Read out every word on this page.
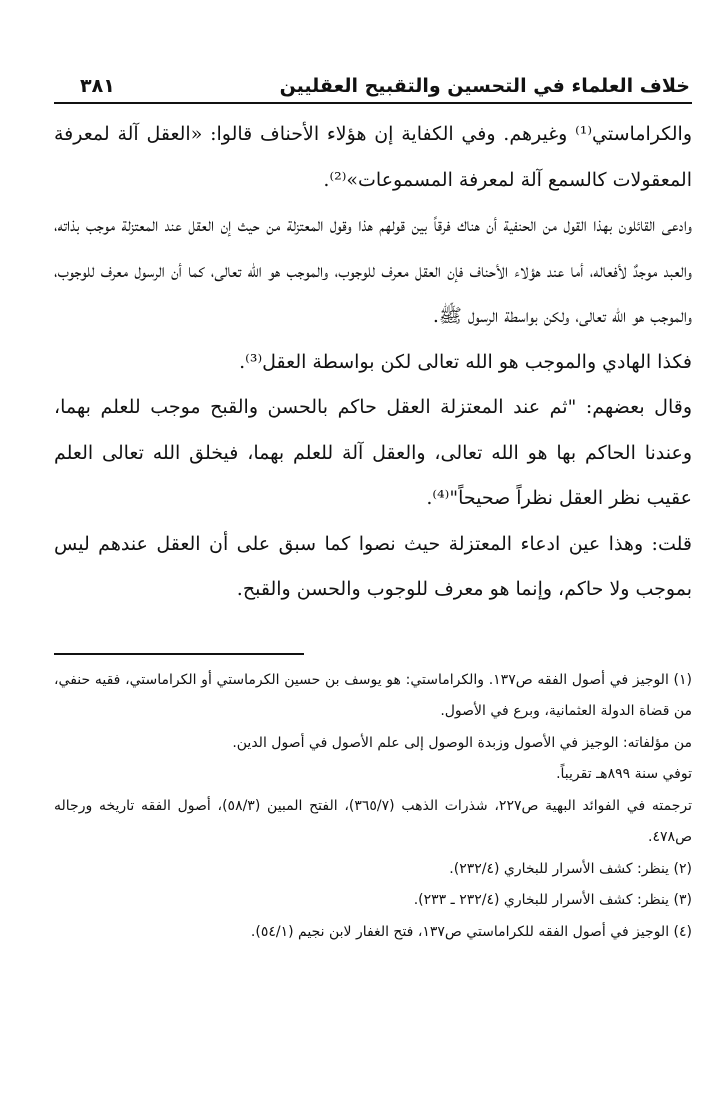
خلاف العلماء في التحسين والتقبيح العقليين
٣٨١

والكراماستي⁽¹⁾ وغيرهم. وفي الكفاية إن هؤلاء الأحناف قالوا: «العقل آلة لمعرفة المعقولات كالسمع آلة لمعرفة المسموعات»⁽²⁾.

وادعى القائلون بهذا القول من الحنفية أن هناك فرقاً بين قولهم هذا وقول المعتزلة من حيث إن العقل عند المعتزلة موجب بذاته، والعبد موجدٌ لأفعاله، أما عند هؤلاء الأحناف فإن العقل معرف للوجوب، والموجب هو الله تعالى، كما أن الرسول معرف للوجوب، والموجب هو الله تعالى، ولكن بواسطة الرسول ﷺ.

فكذا الهادي والموجب هو الله تعالى لكن بواسطة العقل⁽³⁾.

وقال بعضهم: "ثم عند المعتزلة العقل حاكم بالحسن والقبح موجب للعلم بهما، وعندنا الحاكم بها هو الله تعالى، والعقل آلة للعلم بهما، فيخلق الله تعالى العلم عقيب نظر العقل نظراً صحيحاً"⁽⁴⁾.

قلت: وهذا عين ادعاء المعتزلة حيث نصوا كما سبق على أن العقل عندهم ليس بموجب ولا حاكم، وإنما هو معرف للوجوب والحسن والقبح.

(١) الوجيز في أصول الفقه ص١٣٧. والكراماستي: هو يوسف بن حسين الكرماستي أو الكراماستي، فقيه حنفي، من قضاة الدولة العثمانية، وبرع في الأصول.

من مؤلفاته: الوجيز في الأصول وزبدة الوصول إلى علم الأصول في أصول الدين.

توفي سنة ٨٩٩هـ تقريباً.

ترجمته في الفوائد البهية ص٢٢٧، شذرات الذهب (٣٦٥/٧)، الفتح المبين (٥٨/٣)، أصول الفقه تاريخه ورجاله ص٤٧٨.

(٢) ينظر: كشف الأسرار للبخاري (٢٣٢/٤).

(٣) ينظر: كشف الأسرار للبخاري (٢٣٢/٤ ـ ٢٣٣).

(٤) الوجيز في أصول الفقه للكراماستي ص١٣٧، فتح الغفار لابن نجيم (٥٤/١).
